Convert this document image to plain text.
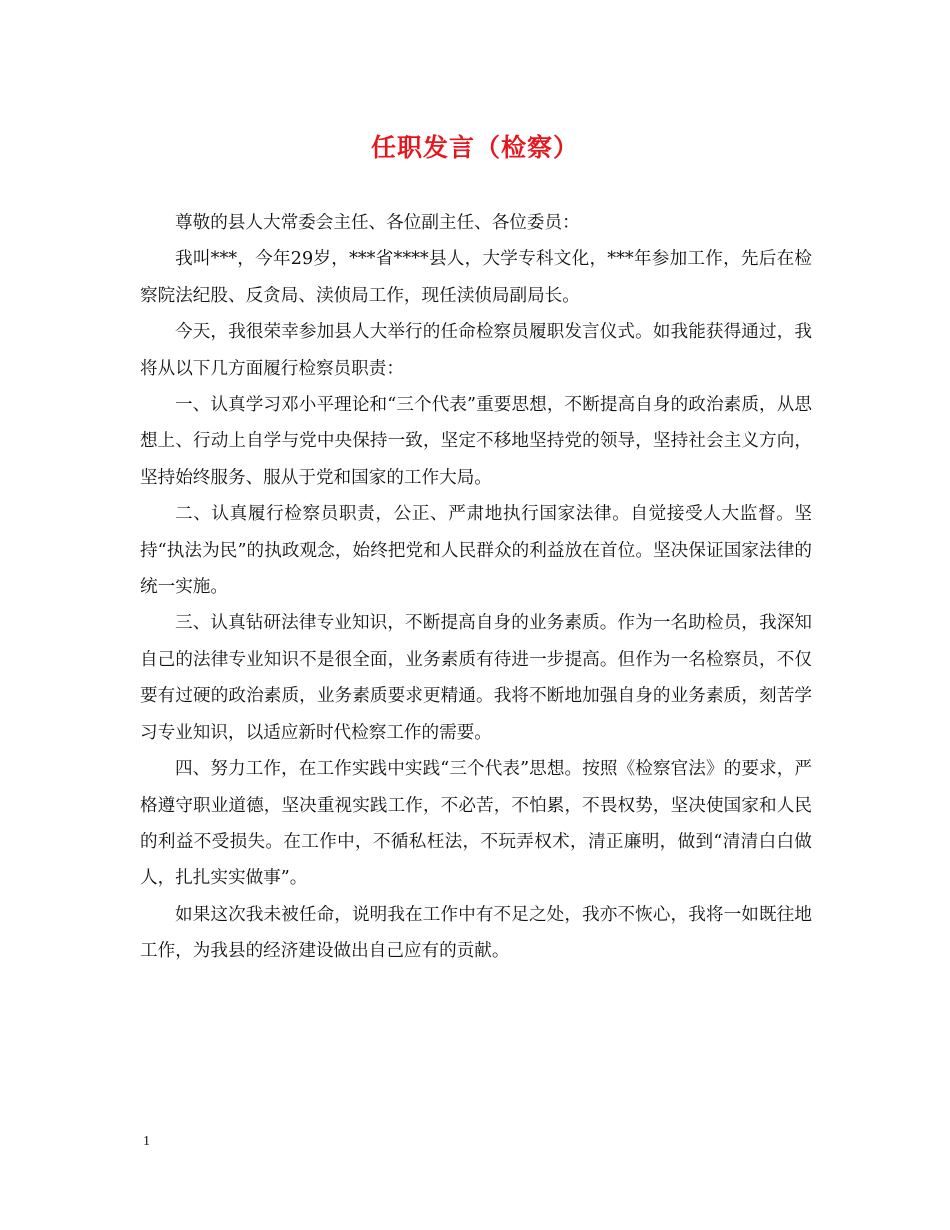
任职发言（检察）

尊敬的县人大常委会主任、各位副主任、各位委员：

我叫***，今年29岁，***省****县人，大学专科文化，***年参加工作，先后在检察院法纪股、反贪局、渎侦局工作，现任渎侦局副局长。

今天，我很荣幸参加县人大举行的任命检察员履职发言仪式。如我能获得通过，我将从以下几方面履行检察员职责：

一、认真学习邓小平理论和“三个代表”重要思想，不断提高自身的政治素质，从思想上、行动上自学与党中央保持一致，坚定不移地坚持党的领导，坚持社会主义方向，坚持始终服务、服从于党和国家的工作大局。

二、认真履行检察员职责，公正、严肃地执行国家法律。自觉接受人大监督。坚持“执法为民”的执政观念，始终把党和人民群众的利益放在首位。坚决保证国家法律的统一实施。

三、认真钻研法律专业知识，不断提高自身的业务素质。作为一名助检员，我深知自己的法律专业知识不是很全面，业务素质有待进一步提高。但作为一名检察员，不仅要有过硬的政治素质，业务素质要求更精通。我将不断地加强自身的业务素质，刻苦学习专业知识，以适应新时代检察工作的需要。

四、努力工作，在工作实践中实践“三个代表”思想。按照《检察官法》的要求，严格遵守职业道德，坚决重视实践工作，不必苦，不怕累，不畏权势，坚决使国家和人民的利益不受损失。在工作中，不循私枉法，不玩弄权术，清正廉明，做到“清清白白做人，扎扎实实做事”。

如果这次我未被任命，说明我在工作中有不足之处，我亦不恢心，我将一如既往地工作，为我县的经济建设做出自己应有的贡献。

1
